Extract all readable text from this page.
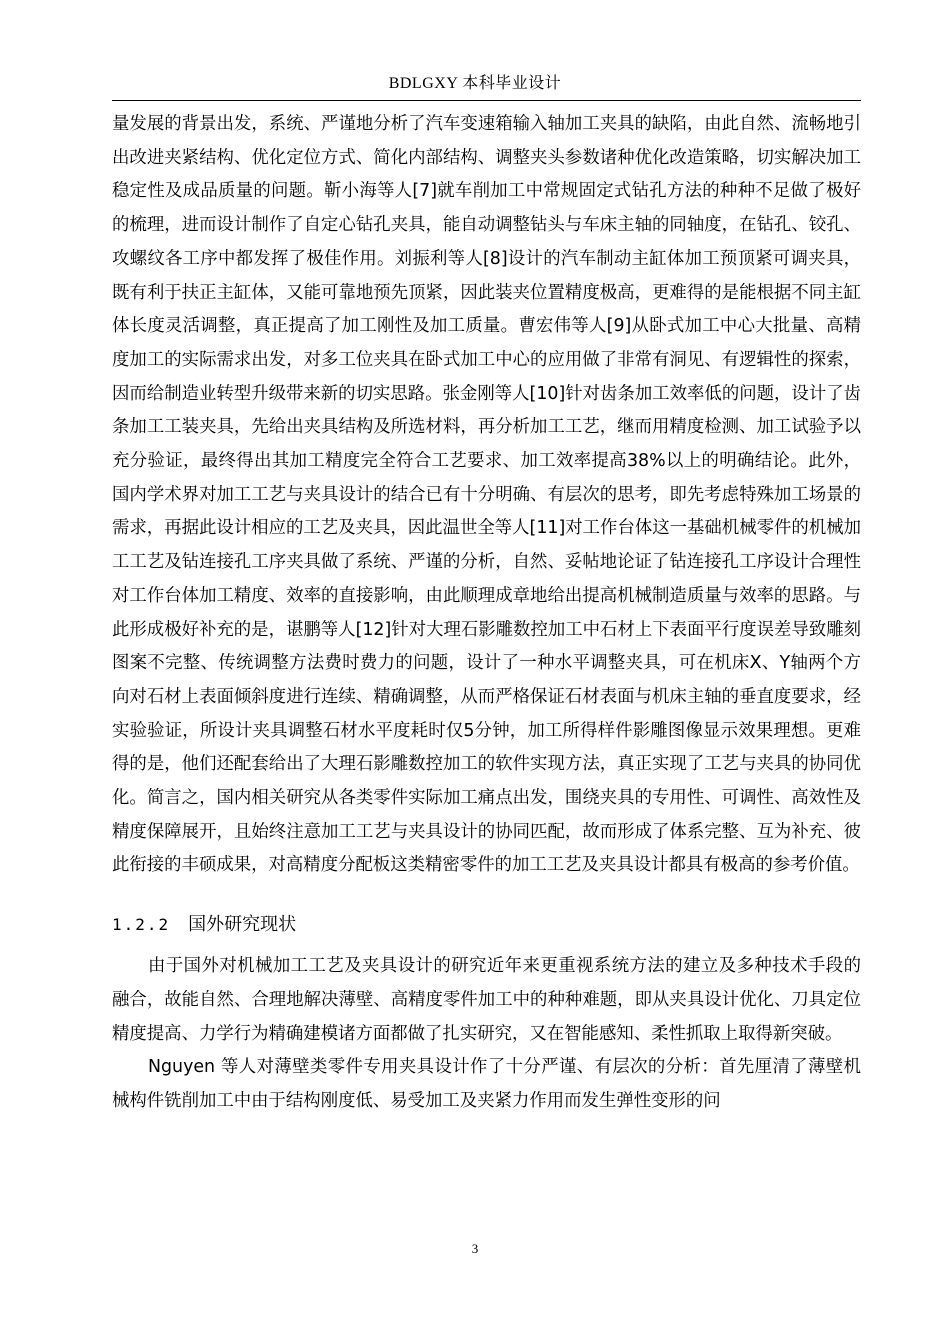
BDLGXY 本科毕业设计

量发展的背景出发，系统、严谨地分析了汽车变速箱输入轴加工夹具的缺陷，由此自然、流畅地引出改进夹紧结构、优化定位方式、简化内部结构、调整夹头参数诸种优化改造策略，切实解决加工稳定性及成品质量的问题。靳小海等人[7]就车削加工中常规固定式钻孔方法的种种不足做了极好的梳理，进而设计制作了自定心钻孔夹具，能自动调整钻头与车床主轴的同轴度，在钻孔、铰孔、攻螺纹各工序中都发挥了极佳作用。刘振利等人[8]设计的汽车制动主缸体加工预顶紧可调夹具，既有利于扶正主缸体，又能可靠地预先顶紧，因此装夹位置精度极高，更难得的是能根据不同主缸体长度灵活调整，真正提高了加工刚性及加工质量。曹宏伟等人[9]从卧式加工中心大批量、高精度加工的实际需求出发，对多工位夹具在卧式加工中心的应用做了非常有洞见、有逻辑性的探索，因而给制造业转型升级带来新的切实思路。张金刚等人[10]针对齿条加工效率低的问题，设计了齿条加工工装夹具，先给出夹具结构及所选材料，再分析加工工艺，继而用精度检测、加工试验予以充分验证，最终得出其加工精度完全符合工艺要求、加工效率提高38%以上的明确结论。此外，国内学术界对加工工艺与夹具设计的结合已有十分明确、有层次的思考，即先考虑特殊加工场景的需求，再据此设计相应的工艺及夹具，因此温世全等人[11]对工作台体这一基础机械零件的机械加工工艺及钻连接孔工序夹具做了系统、严谨的分析，自然、妥帖地论证了钻连接孔工序设计合理性对工作台体加工精度、效率的直接影响，由此顺理成章地给出提高机械制造质量与效率的思路。与此形成极好补充的是，谌鹏等人[12]针对大理石影雕数控加工中石材上下表面平行度误差导致雕刻图案不完整、传统调整方法费时费力的问题，设计了一种水平调整夹具，可在机床X、Y轴两个方向对石材上表面倾斜度进行连续、精确调整，从而严格保证石材表面与机床主轴的垂直度要求，经实验验证，所设计夹具调整石材水平度耗时仅5分钟，加工所得样件影雕图像显示效果理想。更难得的是，他们还配套给出了大理石影雕数控加工的软件实现方法，真正实现了工艺与夹具的协同优化。简言之，国内相关研究从各类零件实际加工痛点出发，围绕夹具的专用性、可调性、高效性及精度保障展开，且始终注意加工工艺与夹具设计的协同匹配，故而形成了体系完整、互为补充、彼此衔接的丰硕成果，对高精度分配板这类精密零件的加工工艺及夹具设计都具有极高的参考价值。

1.2.2 国外研究现状

由于国外对机械加工工艺及夹具设计的研究近年来更重视系统方法的建立及多种技术手段的融合，故能自然、合理地解决薄壁、高精度零件加工中的种种难题，即从夹具设计优化、刀具定位精度提高、力学行为精确建模诸方面都做了扎实研究，又在智能感知、柔性抓取上取得新突破。

Nguyen 等人对薄壁类零件专用夹具设计作了十分严谨、有层次的分析：首先厘清了薄壁机械构件铣削加工中由于结构刚度低、易受加工及夹紧力作用而发生弹性变形的问

3
